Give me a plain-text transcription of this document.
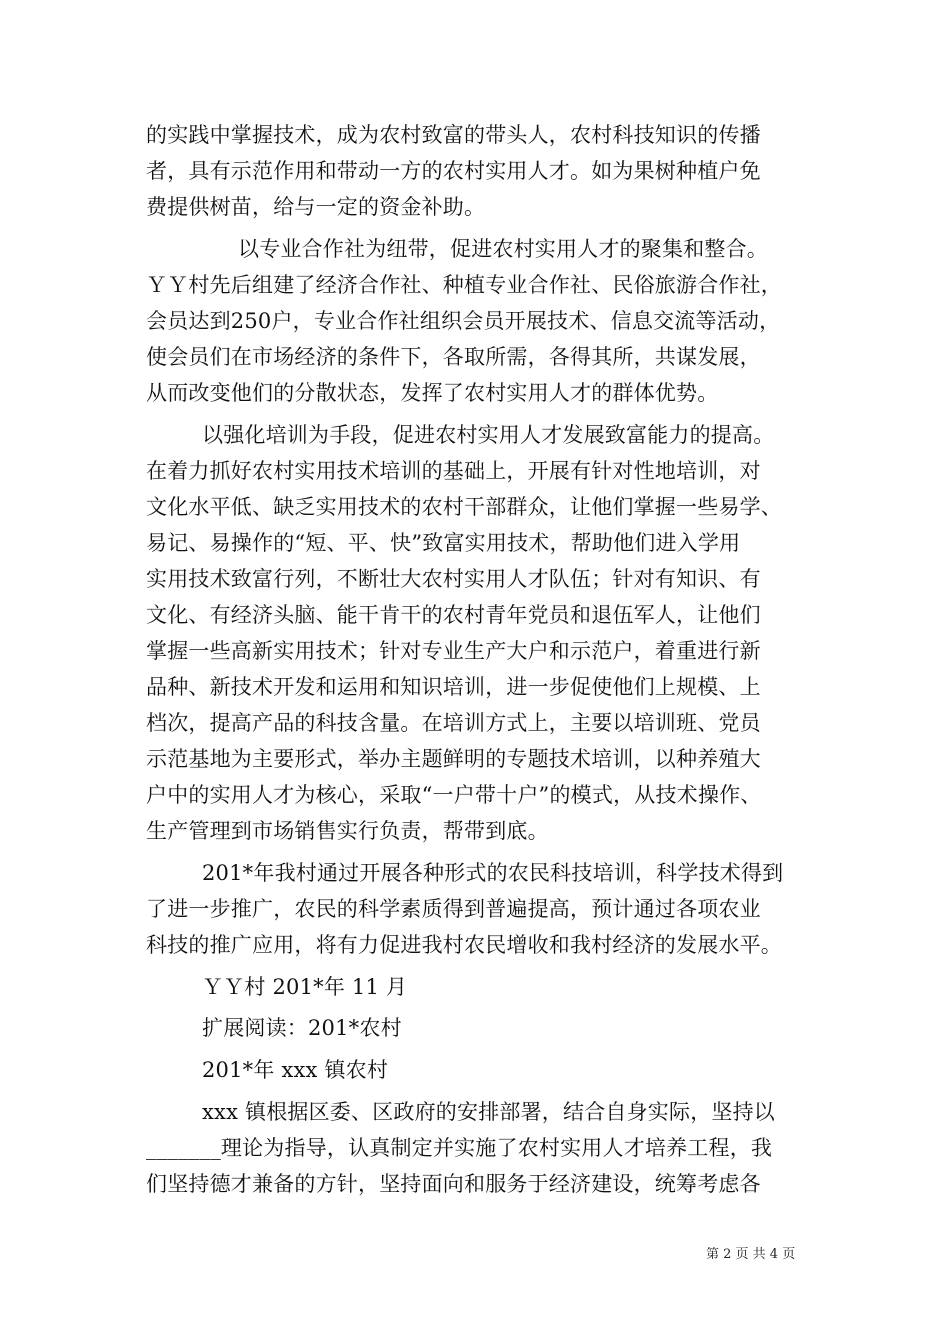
的实践中掌握技术，成为农村致富的带头人，农村科技知识的传播
者，具有示范作用和带动一方的农村实用人才。如为果树种植户免
费提供树苗，给与一定的资金补助。
以专业合作社为纽带，促进农村实用人才的聚集和整合。
ＹＹ村先后组建了经济合作社、种植专业合作社、民俗旅游合作社，
会员达到250户，专业合作社组织会员开展技术、信息交流等活动，
使会员们在市场经济的条件下，各取所需，各得其所，共谋发展，
从而改变他们的分散状态，发挥了农村实用人才的群体优势。
以强化培训为手段，促进农村实用人才发展致富能力的提高。
在着力抓好农村实用技术培训的基础上，开展有针对性地培训，对
文化水平低、缺乏实用技术的农村干部群众，让他们掌握一些易学、
易记、易操作的“短、平、快”致富实用技术，帮助他们进入学用
实用技术致富行列，不断壮大农村实用人才队伍；针对有知识、有
文化、有经济头脑、能干肯干的农村青年党员和退伍军人，让他们
掌握一些高新实用技术；针对专业生产大户和示范户，着重进行新
品种、新技术开发和运用和知识培训，进一步促使他们上规模、上
档次，提高产品的科技含量。在培训方式上，主要以培训班、党员
示范基地为主要形式，举办主题鲜明的专题技术培训，以种养殖大
户中的实用人才为核心，采取“一户带十户”的模式，从技术操作、
生产管理到市场销售实行负责，帮带到底。
201*年我村通过开展各种形式的农民科技培训，科学技术得到
了进一步推广，农民的科学素质得到普遍提高，预计通过各项农业
科技的推广应用，将有力促进我村农民增收和我村经济的发展水平。
ＹＹ村 201*年 11 月
扩展阅读：201*农村
201*年 xxx 镇农村
xxx 镇根据区委、区政府的安排部署，结合自身实际，坚持以
_______理论为指导，认真制定并实施了农村实用人才培养工程，我
们坚持德才兼备的方针，坚持面向和服务于经济建设，统筹考虑各
第 2 页 共 4 页
